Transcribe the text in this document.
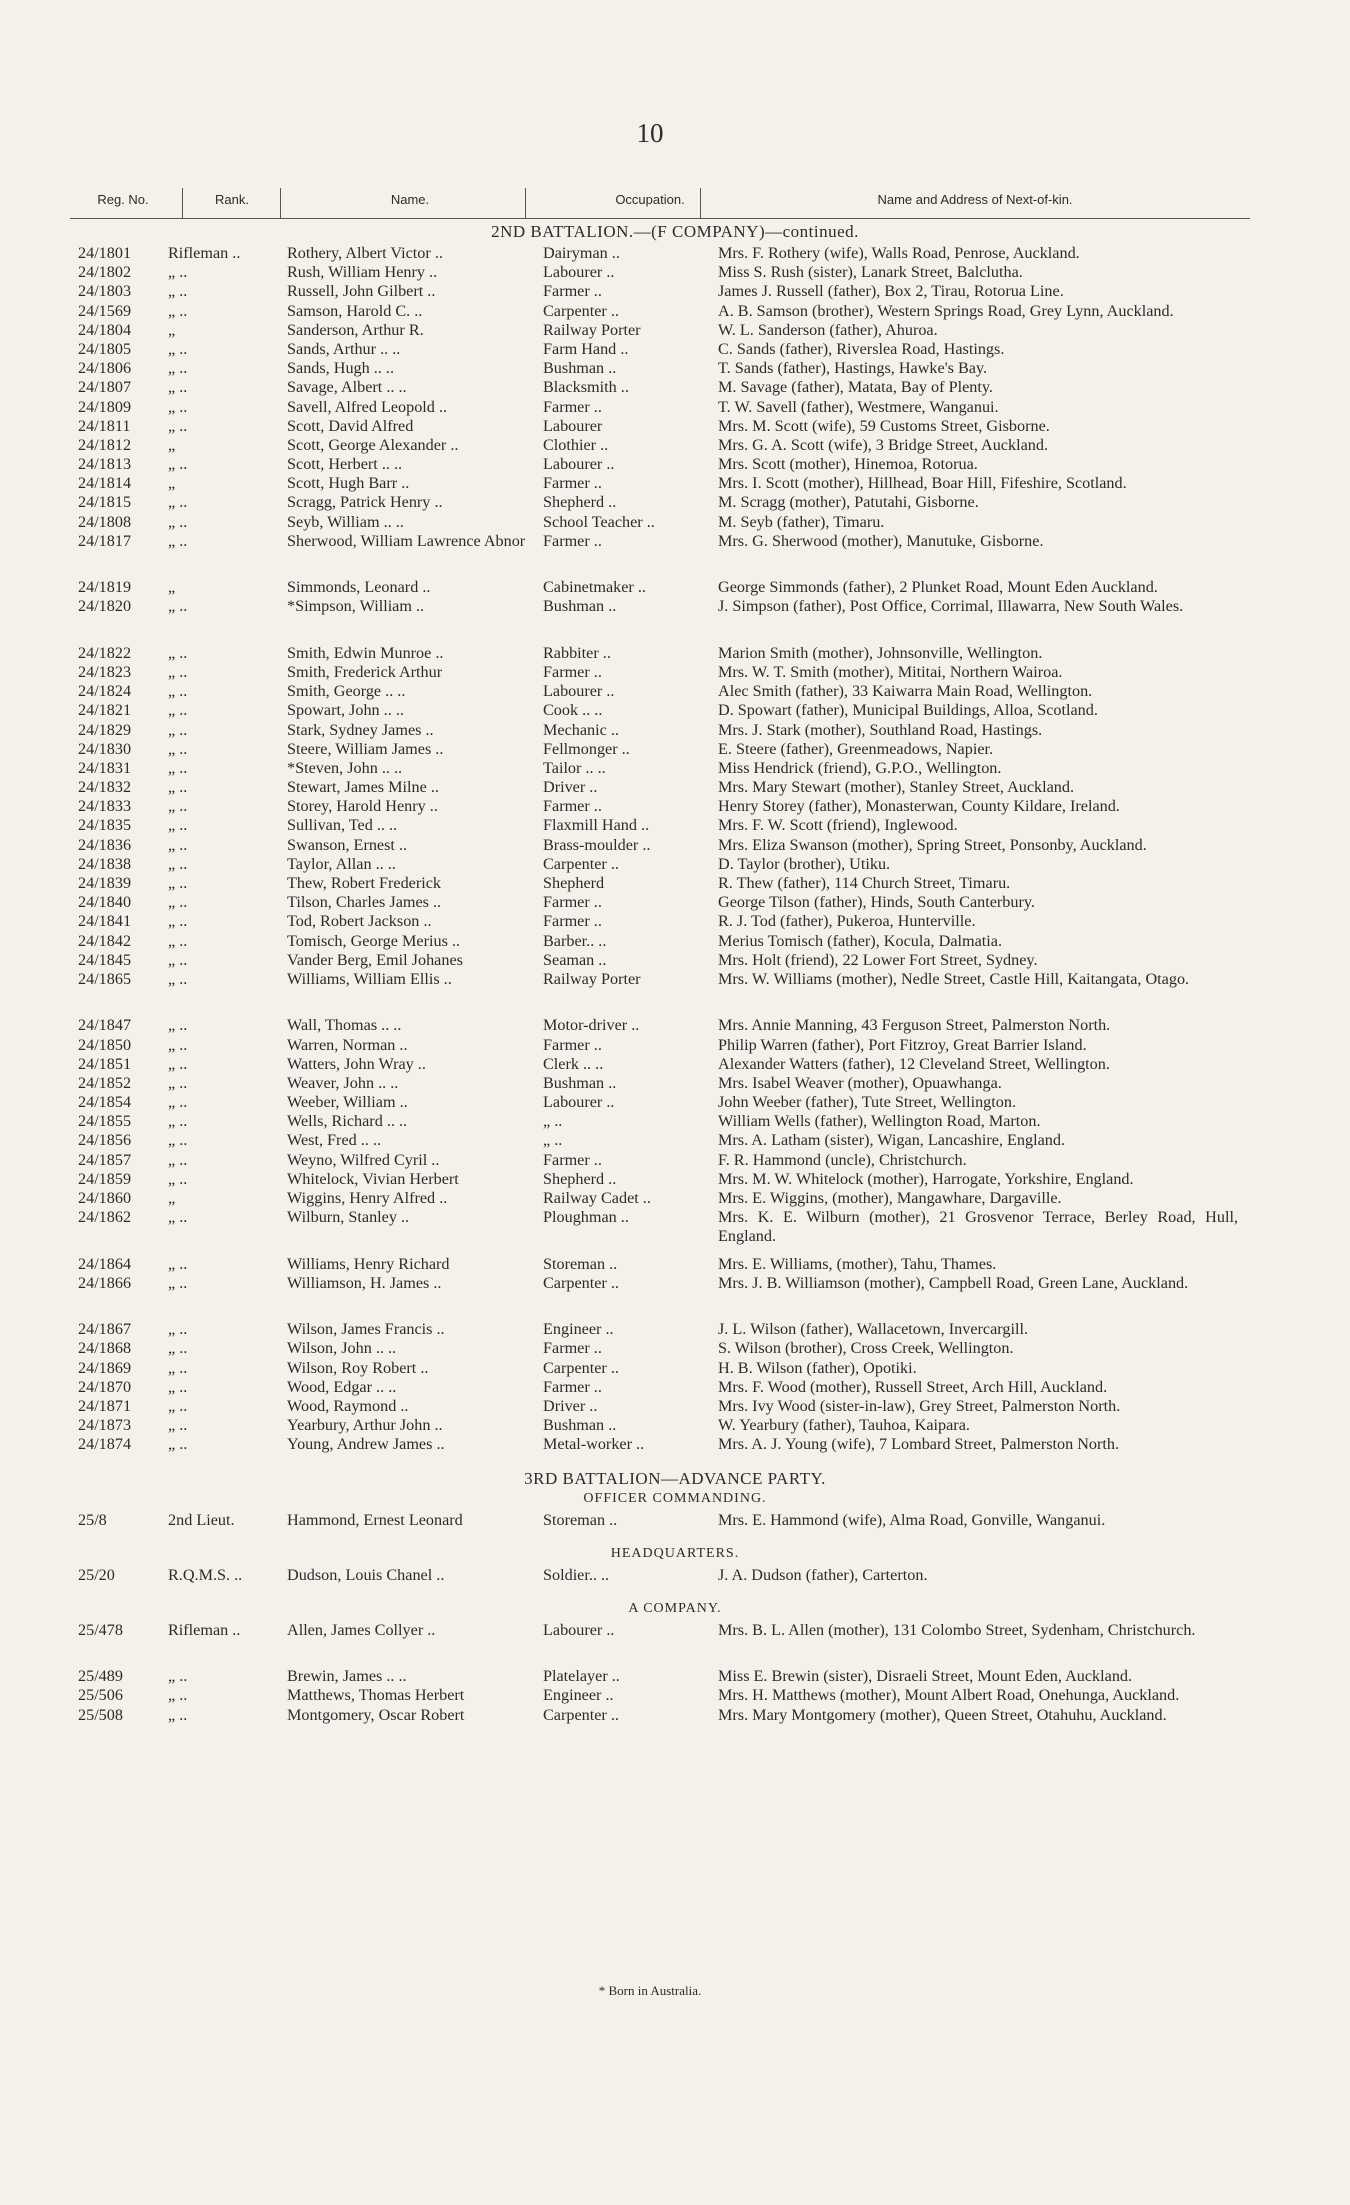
10
Reg. No.	Rank.	Name.	Occupation.	Name and Address of Next-of-kin.
2ND BATTALION.—(F COMPANY)—continued.
24/1801	Rifleman ..	Rothery, Albert Victor ..	Dairyman ..	Mrs. F. Rothery (wife), Walls Road, Penrose, Auckland.
24/1802	„ ..	Rush, William Henry ..	Labourer ..	Miss S. Rush (sister), Lanark Street, Balclutha.
24/1803	„ ..	Russell, John Gilbert ..	Farmer ..	James J. Russell (father), Box 2, Tirau, Rotorua Line.
24/1569	„ ..	Samson, Harold C. ..	Carpenter ..	A. B. Samson (brother), Western Springs Road, Grey Lynn, Auckland.
24/1804	„	Sanderson, Arthur R.	Railway Porter	W. L. Sanderson (father), Ahuroa.
24/1805	„ ..	Sands, Arthur .. ..	Farm Hand ..	C. Sands (father), Riverslea Road, Hastings.
24/1806	„ ..	Sands, Hugh .. ..	Bushman ..	T. Sands (father), Hastings, Hawke's Bay.
24/1807	„ ..	Savage, Albert .. ..	Blacksmith ..	M. Savage (father), Matata, Bay of Plenty.
24/1809	„ ..	Savell, Alfred Leopold ..	Farmer ..	T. W. Savell (father), Westmere, Wanganui.
24/1811	„ ..	Scott, David Alfred	Labourer	Mrs. M. Scott (wife), 59 Customs Street, Gisborne.
24/1812	„	Scott, George Alexander ..	Clothier ..	Mrs. G. A. Scott (wife), 3 Bridge Street, Auckland.
24/1813	„ ..	Scott, Herbert .. ..	Labourer ..	Mrs. Scott (mother), Hinemoa, Rotorua.
24/1814	„	Scott, Hugh Barr ..	Farmer ..	Mrs. I. Scott (mother), Hillhead, Boar Hill, Fifeshire, Scotland.
24/1815	„ ..	Scragg, Patrick Henry ..	Shepherd ..	M. Scragg (mother), Patutahi, Gisborne.
24/1808	„ ..	Seyb, William .. ..	School Teacher ..	M. Seyb (father), Timaru.
24/1817	„ ..	Sherwood, William Lawrence Abnor	Farmer ..	Mrs. G. Sherwood (mother), Manutuke, Gisborne.
24/1819	„	Simmonds, Leonard ..	Cabinetmaker ..	George Simmonds (father), 2 Plunket Road, Mount Eden Auckland.
24/1820	„ ..	*Simpson, William ..	Bushman ..	J. Simpson (father), Post Office, Corrimal, Illawarra, New South Wales.
24/1822	„ ..	Smith, Edwin Munroe ..	Rabbiter ..	Marion Smith (mother), Johnsonville, Wellington.
24/1823	„ ..	Smith, Frederick Arthur	Farmer ..	Mrs. W. T. Smith (mother), Mititai, Northern Wairoa.
24/1824	„ ..	Smith, George .. ..	Labourer ..	Alec Smith (father), 33 Kaiwarra Main Road, Wellington.
24/1821	„ ..	Spowart, John .. ..	Cook .. ..	D. Spowart (father), Municipal Buildings, Alloa, Scotland.
24/1829	„ ..	Stark, Sydney James ..	Mechanic ..	Mrs. J. Stark (mother), Southland Road, Hastings.
24/1830	„ ..	Steere, William James ..	Fellmonger ..	E. Steere (father), Greenmeadows, Napier.
24/1831	„ ..	*Steven, John .. ..	Tailor .. ..	Miss Hendrick (friend), G.P.O., Wellington.
24/1832	„ ..	Stewart, James Milne ..	Driver ..	Mrs. Mary Stewart (mother), Stanley Street, Auckland.
24/1833	„ ..	Storey, Harold Henry ..	Farmer ..	Henry Storey (father), Monasterwan, County Kildare, Ireland.
24/1835	„ ..	Sullivan, Ted .. ..	Flaxmill Hand ..	Mrs. F. W. Scott (friend), Inglewood.
24/1836	„ ..	Swanson, Ernest ..	Brass-moulder ..	Mrs. Eliza Swanson (mother), Spring Street, Ponsonby, Auckland.
24/1838	„ ..	Taylor, Allan .. ..	Carpenter ..	D. Taylor (brother), Utiku.
24/1839	„ ..	Thew, Robert Frederick	Shepherd	R. Thew (father), 114 Church Street, Timaru.
24/1840	„ ..	Tilson, Charles James ..	Farmer ..	George Tilson (father), Hinds, South Canterbury.
24/1841	„ ..	Tod, Robert Jackson ..	Farmer ..	R. J. Tod (father), Pukeroa, Hunterville.
24/1842	„ ..	Tomisch, George Merius ..	Barber.. ..	Merius Tomisch (father), Kocula, Dalmatia.
24/1845	„ ..	Vander Berg, Emil Johanes	Seaman ..	Mrs. Holt (friend), 22 Lower Fort Street, Sydney.
24/1865	„ ..	Williams, William Ellis ..	Railway Porter	Mrs. W. Williams (mother), Nedle Street, Castle Hill, Kaitangata, Otago.
24/1847	„ ..	Wall, Thomas .. ..	Motor-driver ..	Mrs. Annie Manning, 43 Ferguson Street, Palmerston North.
24/1850	„ ..	Warren, Norman ..	Farmer ..	Philip Warren (father), Port Fitzroy, Great Barrier Island.
24/1851	„ ..	Watters, John Wray ..	Clerk .. ..	Alexander Watters (father), 12 Cleveland Street, Wellington.
24/1852	„ ..	Weaver, John .. ..	Bushman ..	Mrs. Isabel Weaver (mother), Opuawhanga.
24/1854	„ ..	Weeber, William ..	Labourer ..	John Weeber (father), Tute Street, Wellington.
24/1855	„ ..	Wells, Richard .. ..	„ ..	William Wells (father), Wellington Road, Marton.
24/1856	„ ..	West, Fred .. ..	„ ..	Mrs. A. Latham (sister), Wigan, Lancashire, England.
24/1857	„ ..	Weyno, Wilfred Cyril ..	Farmer ..	F. R. Hammond (uncle), Christchurch.
24/1859	„ ..	Whitelock, Vivian Herbert	Shepherd ..	Mrs. M. W. Whitelock (mother), Harrogate, Yorkshire, England.
24/1860	„	Wiggins, Henry Alfred ..	Railway Cadet ..	Mrs. E. Wiggins, (mother), Mangawhare, Dargaville.
24/1862	„ ..	Wilburn, Stanley ..	Ploughman ..	Mrs. K. E. Wilburn (mother), 21 Grosvenor Terrace, Berley Road, Hull, England.
24/1864	„ ..	Williams, Henry Richard	Storeman ..	Mrs. E. Williams, (mother), Tahu, Thames.
24/1866	„ ..	Williamson, H. James ..	Carpenter ..	Mrs. J. B. Williamson (mother), Campbell Road, Green Lane, Auckland.
24/1867	„ ..	Wilson, James Francis ..	Engineer ..	J. L. Wilson (father), Wallacetown, Invercargill.
24/1868	„ ..	Wilson, John .. ..	Farmer ..	S. Wilson (brother), Cross Creek, Wellington.
24/1869	„ ..	Wilson, Roy Robert ..	Carpenter ..	H. B. Wilson (father), Opotiki.
24/1870	„ ..	Wood, Edgar .. ..	Farmer ..	Mrs. F. Wood (mother), Russell Street, Arch Hill, Auckland.
24/1871	„ ..	Wood, Raymond ..	Driver ..	Mrs. Ivy Wood (sister-in-law), Grey Street, Palmerston North.
24/1873	„ ..	Yearbury, Arthur John ..	Bushman ..	W. Yearbury (father), Tauhoa, Kaipara.
24/1874	„ ..	Young, Andrew James ..	Metal-worker ..	Mrs. A. J. Young (wife), 7 Lombard Street, Palmerston North.
3RD BATTALION—ADVANCE PARTY.
OFFICER COMMANDING.
25/8	2nd Lieut.	Hammond, Ernest Leonard	Storeman ..	Mrs. E. Hammond (wife), Alma Road, Gonville, Wanganui.
HEADQUARTERS.
25/20	R.Q.M.S. ..	Dudson, Louis Chanel ..	Soldier.. ..	J. A. Dudson (father), Carterton.
A COMPANY.
25/478	Rifleman ..	Allen, James Collyer ..	Labourer ..	Mrs. B. L. Allen (mother), 131 Colombo Street, Sydenham, Christchurch.
25/489	„ ..	Brewin, James .. ..	Platelayer ..	Miss E. Brewin (sister), Disraeli Street, Mount Eden, Auckland.
25/506	„ ..	Matthews, Thomas Herbert	Engineer ..	Mrs. H. Matthews (mother), Mount Albert Road, Onehunga, Auckland.
25/508	„ ..	Montgomery, Oscar Robert	Carpenter ..	Mrs. Mary Montgomery (mother), Queen Street, Otahuhu, Auckland.
* Born in Australia.
